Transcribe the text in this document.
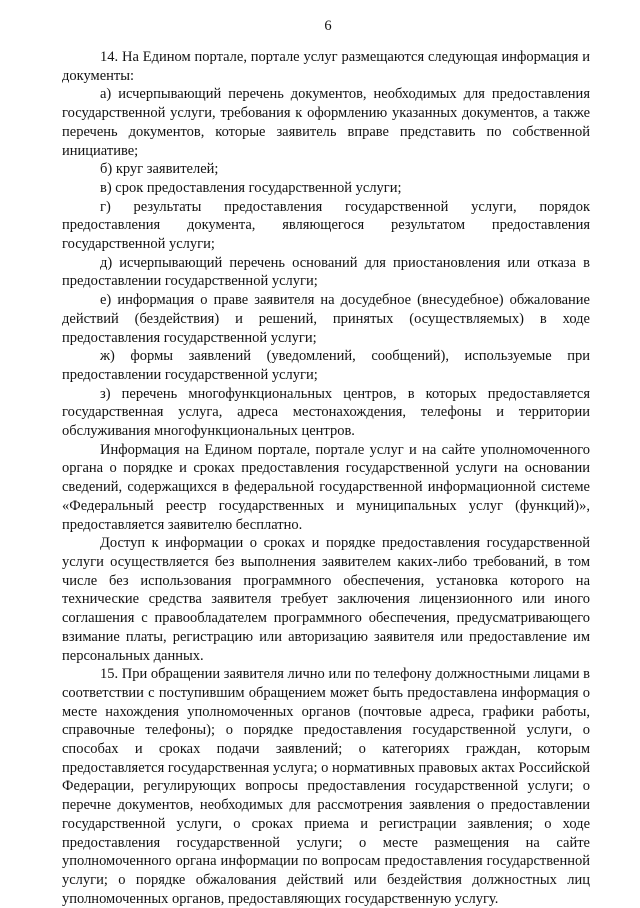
6

14. На Едином портале, портале услуг размещаются следующая информация и документы:

а) исчерпывающий перечень документов, необходимых для предоставления государственной услуги, требования к оформлению указанных документов, а также перечень документов, которые заявитель вправе представить по собственной инициативе;

б) круг заявителей;

в) срок предоставления государственной услуги;

г) результаты предоставления государственной услуги, порядок предоставления документа, являющегося результатом предоставления государственной услуги;

д) исчерпывающий перечень оснований для приостановления или отказа в предоставлении государственной услуги;

е) информация о праве заявителя на досудебное (внесудебное) обжалование действий (бездействия) и решений, принятых (осуществляемых) в ходе предоставления государственной услуги;

ж) формы заявлений (уведомлений, сообщений), используемые при предоставлении государственной услуги;

з) перечень многофункциональных центров, в которых предоставляется государственная услуга, адреса местонахождения, телефоны и территории обслуживания многофункциональных центров.

Информация на Едином портале, портале услуг и на сайте уполномоченного органа о порядке и сроках предоставления государственной услуги на основании сведений, содержащихся в федеральной государственной информационной системе «Федеральный реестр государственных и муниципальных услуг (функций)», предоставляется заявителю бесплатно.

Доступ к информации о сроках и порядке предоставления государственной услуги осуществляется без выполнения заявителем каких-либо требований, в том числе без использования программного обеспечения, установка которого на технические средства заявителя требует заключения лицензионного или иного соглашения с правообладателем программного обеспечения, предусматривающего взимание платы, регистрацию или авторизацию заявителя или предоставление им персональных данных.

15. При обращении заявителя лично или по телефону должностными лицами в соответствии с поступившим обращением может быть предоставлена информация о месте нахождения уполномоченных органов (почтовые адреса, графики работы, справочные телефоны); о порядке предоставления государственной услуги, о способах и сроках подачи заявлений; о категориях граждан, которым предоставляется государственная услуга; о нормативных правовых актах Российской Федерации, регулирующих вопросы предоставления государственной услуги; о перечне документов, необходимых для рассмотрения заявления о предоставлении государственной услуги, о сроках приема и регистрации заявления; о ходе предоставления государственной услуги; о месте размещения на сайте уполномоченного органа информации по вопросам предоставления государственной услуги; о порядке обжалования действий или бездействия должностных лиц уполномоченных органов, предоставляющих государственную услугу.
